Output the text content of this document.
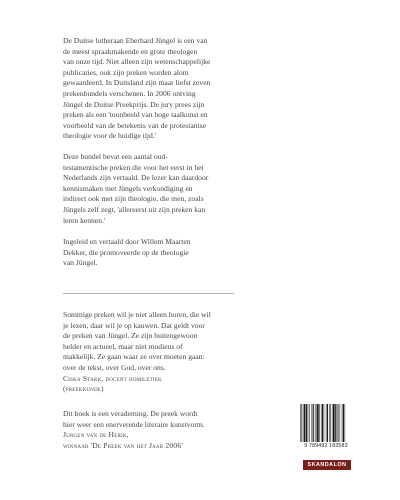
De Duitse lutheraan Eberhard Jüngel is een van
de meest spraakmakende en grote theologen
van onze tijd. Niet alleen zijn wetenschappelijke
publicaties, ook zijn preken worden alom
gewaardeerd. In Duitsland zijn maar liefst zeven
prekenbundels verschenen. In 2006 ontving
Jüngel de Duitse Preekprijs. De jury prees zijn
preken als een 'toonbeeld van hoge taalkunst en
voorbeeld van de betekenis van de protestantse
theologie voor de huidige tijd.'

Deze bundel bevat een aantal oud-
testamentische preken die voor het eerst in het
Nederlands zijn vertaald. De lezer kan daardoor
kennismaken met Jüngels verkondiging en
indirect ook met zijn theologie, die men, zoals
Jüngels zelf zegt, 'allereerst uit zijn preken kan
leren kennen.'

Ingeleid en vertaald door Willem Maarten
Dekker, die promoveerde op de theologie
van Jüngel.

Sommige preken wil je niet alleen horen, die wil
je lezen, daar wil je op kauwen. Dat geldt voor
de preken van Jüngel. Ze zijn buitengewoon
helder en actueel, maar niet modieus of
makkelijk. Ze gaan waar ze over moeten gaan:
over de tekst, over God, over ons.
Ciska Stark, docent homiletiek
(preekkunde)

Dit boek is een verademing. De preek wordt
hier weer een enerverende literaire kunstvorm.
Jurgen van de Herik,
winnaar 'De Preek van het Jaar 2006'	9 789492 183583
SKANDALON
